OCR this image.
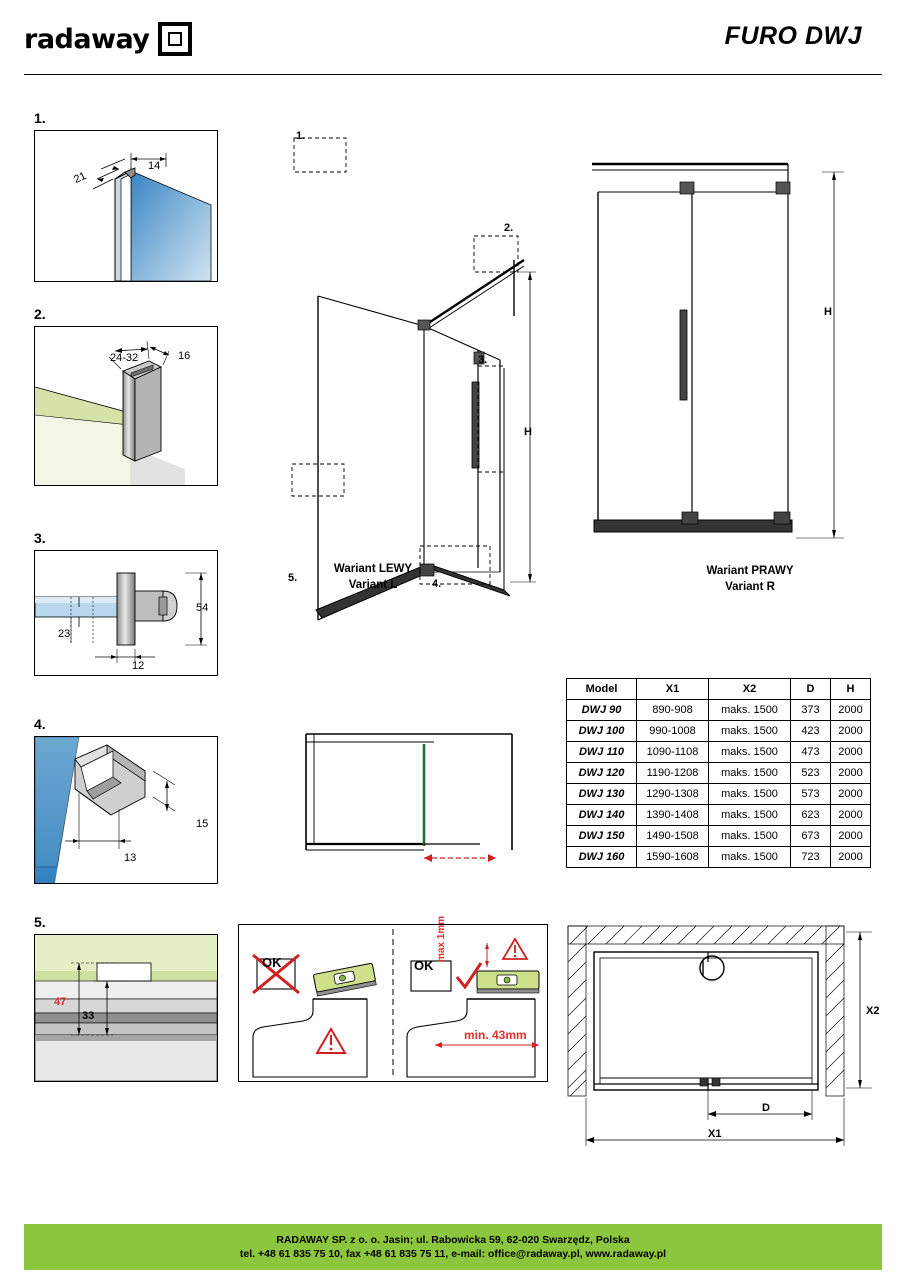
radaway	FURO DWJ
1.
14
21
2.
24-32	16
3.
54
23
12
4.
15
13
5.
47
33
1.
2.
3.
4.
5.
H
Wariant LEWY
Variant L
H
Wariant PRAWY
Variant R
Model	X1	X2	D	H
DWJ 90	890-908	maks. 1500	373	2000
DWJ 100	990-1008	maks. 1500	423	2000
DWJ 110	1090-1108	maks. 1500	473	2000
DWJ 120	1190-1208	maks. 1500	523	2000
DWJ 130	1290-1308	maks. 1500	573	2000
DWJ 140	1390-1408	maks. 1500	623	2000
DWJ 150	1490-1508	maks. 1500	673	2000
DWJ 160	1590-1608	maks. 1500	723	2000
OK	OK
max 1mm
min. 43mm
X2
D
X1
RADAWAY SP. z o. o. Jasin; ul. Rabowicka 59, 62-020 Swarzędz, Polska
tel. +48 61 835 75 10, fax +48 61 835 75 11, e-mail: office@radaway.pl, www.radaway.pl
